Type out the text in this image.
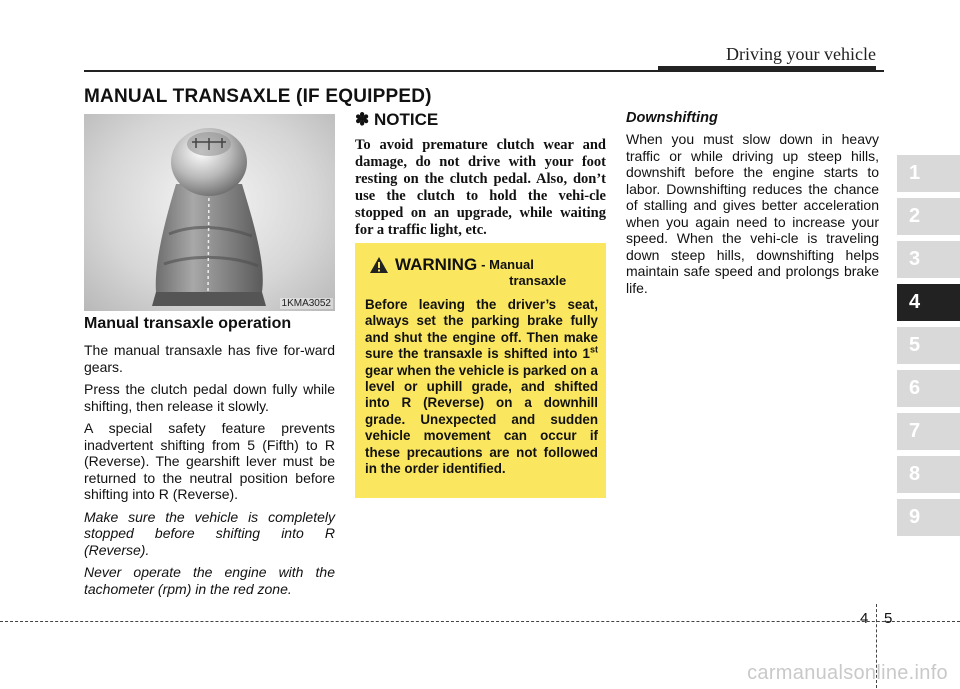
Driving your vehicle
MANUAL TRANSAXLE (IF EQUIPPED)
1KMA3052

Manual transaxle operation

The manual transaxle has five for-ward gears.

Press the clutch pedal down fully while shifting, then release it slowly.

A special safety feature prevents inadvertent shifting from 5 (Fifth) to R (Reverse). The gearshift lever must be returned to the neutral position before shifting into R (Reverse).

Make sure the vehicle is completely stopped before shifting into R (Reverse).

Never operate the engine with the tachometer (rpm) in the red zone.

✽ NOTICE

To avoid premature clutch wear and damage, do not drive with your foot resting on the clutch pedal. Also, don’t use the clutch to hold the vehi-cle stopped on an upgrade, while waiting for a traffic light, etc.

WARNING - Manual
transaxle

Before leaving the driver’s seat, always set the parking brake fully and shut the engine off. Then make sure the transaxle is shifted into 1st gear when the vehicle is parked on a level or uphill grade, and shifted into R (Reverse) on a downhill grade. Unexpected and sudden vehicle movement can occur if these precautions are not followed in the order identified.

Downshifting

When you must slow down in heavy traffic or while driving up steep hills, downshift before the engine starts to labor. Downshifting reduces the chance of stalling and gives better acceleration when you again need to increase your speed. When the vehi-cle is traveling down steep hills, downshifting helps maintain safe speed and prolongs brake life.

1
2
3
4
5
6
7
8
9
4 5
carmanualsonline.info
